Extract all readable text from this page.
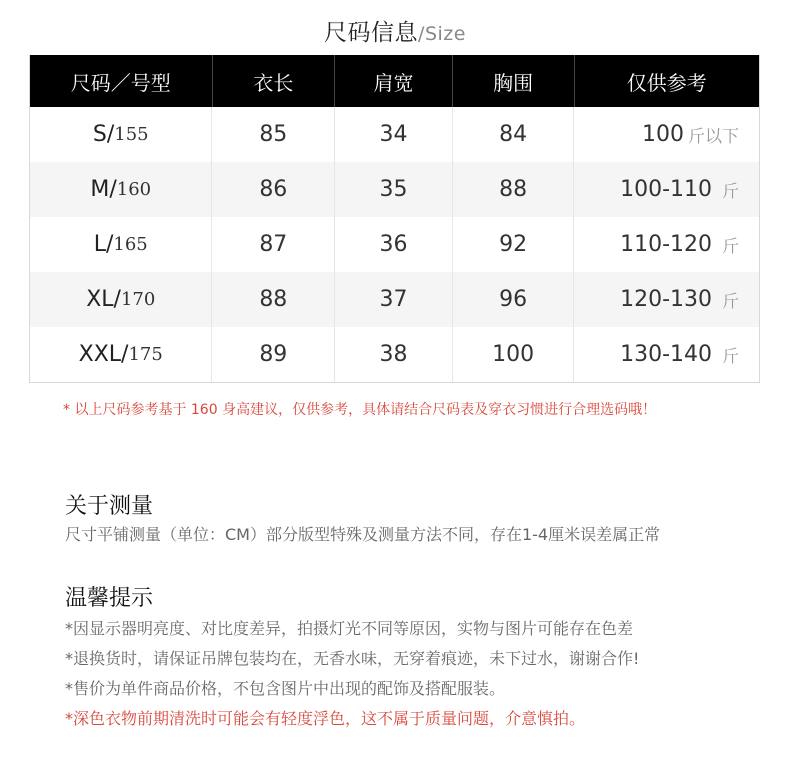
尺码信息/Size
尺码／号型	衣长	肩宽	胸围	仅供参考
S/ 155	85	34	84	100 斤以下
M/ 160	86	35	88	100-110 斤
L/ 165	87	36	92	110-120 斤
XL/ 170	88	37	96	120-130 斤
XXL/ 175	89	38	100	130-140 斤
* 以上尺码参考基于 160 身高建议，仅供参考，具体请结合尺码表及穿衣习惯进行合理选码哦！
关于测量
尺寸平铺测量（单位：CM）部分版型特殊及测量方法不同，存在1-4厘米误差属正常
温馨提示
*因显示器明亮度、对比度差异，拍摄灯光不同等原因，实物与图片可能存在色差
*退换货时，请保证吊牌包装均在，无香水味，无穿着痕迹，未下过水，谢谢合作!
*售价为单件商品价格，不包含图片中出现的配饰及搭配服装。
*深色衣物前期清洗时可能会有轻度浮色，这不属于质量问题，介意慎拍。
